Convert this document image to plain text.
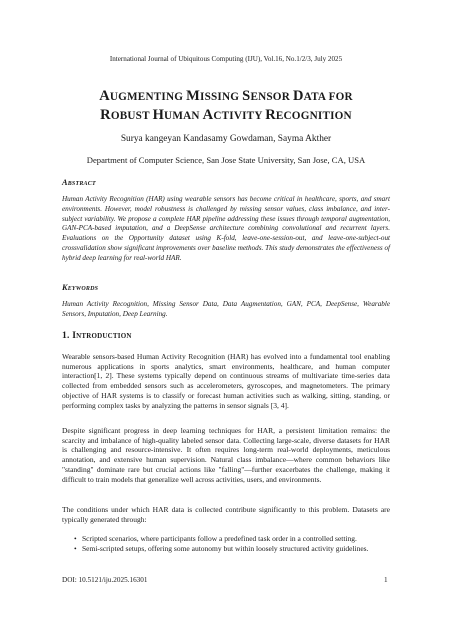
International Journal of Ubiquitous Computing (IJU), Vol.16, No.1/2/3, July 2025
AUGMENTING MISSING SENSOR DATA FOR
ROBUST HUMAN ACTIVITY RECOGNITION
Surya kangeyan Kandasamy Gowdaman, Sayma Akther
Department of Computer Science, San Jose State University, San Jose, CA, USA
Abstract
Human Activity Recognition (HAR) using wearable sensors has become critical in healthcare, sports, and smart environments. However, model robustness is challenged by missing sensor values, class imbalance, and inter-subject variability. We propose a complete HAR pipeline addressing these issues through temporal augmentation, GAN-PCA-based imputation, and a DeepSense architecture combining convolutional and recurrent layers. Evaluations on the Opportunity dataset using K-fold, leave-one-session-out, and leave-one-subject-out crossvalidation show significant improvements over baseline methods. This study demonstrates the effectiveness of hybrid deep learning for real-world HAR.
Keywords
Human Activity Recognition, Missing Sensor Data, Data Augmentation, GAN, PCA, DeepSense, Wearable Sensors, Imputation, Deep Learning.
1. Introduction
Wearable sensors-based Human Activity Recognition (HAR) has evolved into a fundamental tool enabling numerous applications in sports analytics, smart environments, healthcare, and human computer interaction[1, 2]. These systems typically depend on continuous streams of multivariate time-series data collected from embedded sensors such as accelerometers, gyroscopes, and magnetometers. The primary objective of HAR systems is to classify or forecast human activities such as walking, sitting, standing, or performing complex tasks by analyzing the patterns in sensor signals [3, 4].
Despite significant progress in deep learning techniques for HAR, a persistent limitation remains: the scarcity and imbalance of high-quality labeled sensor data. Collecting large-scale, diverse datasets for HAR is challenging and resource-intensive. It often requires long-term real-world deployments, meticulous annotation, and extensive human supervision. Natural class imbalance—where common behaviors like "standing" dominate rare but crucial actions like "falling"—further exacerbates the challenge, making it difficult to train models that generalize well across activities, users, and environments.
The conditions under which HAR data is collected contribute significantly to this problem. Datasets are typically generated through:
• Scripted scenarios, where participants follow a predefined task order in a controlled setting.
• Semi-scripted setups, offering some autonomy but within loosely structured activity guidelines.
DOI: 10.5121/iju.2025.16301	1
